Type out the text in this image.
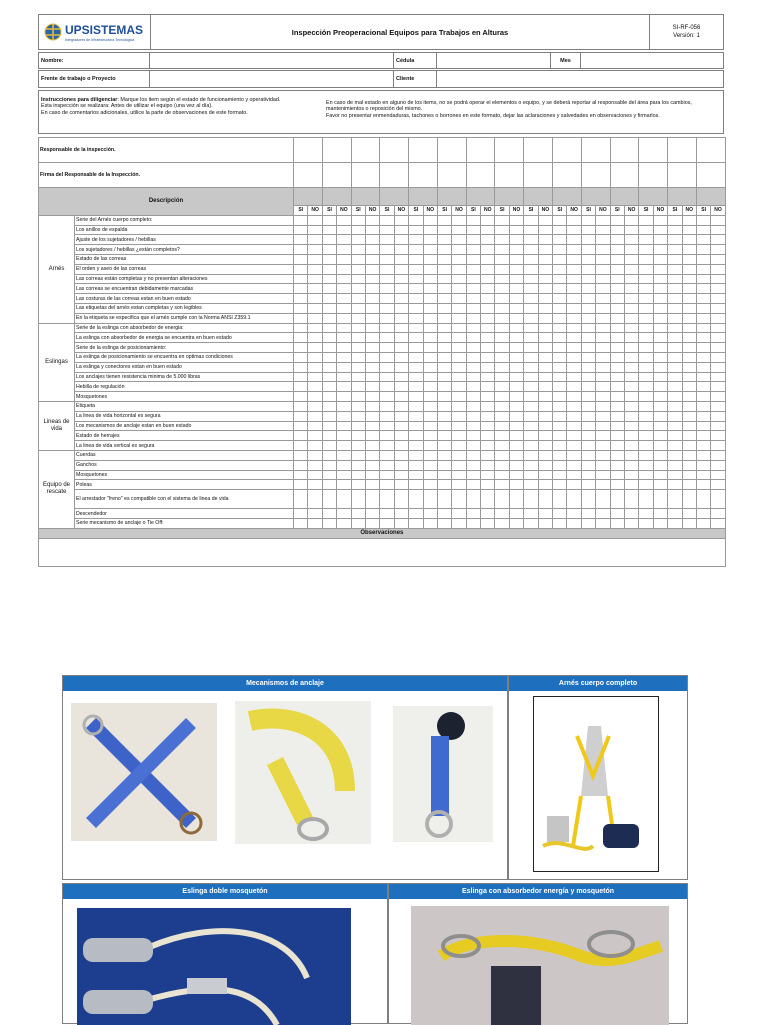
UPSISTEMAS
Integradores de Infraestructura Tecnológica
Inspección Preoperacional Equipos para Trabajos en Alturas	SI-RF-056
Versión: 1
Nombre:	Cédula	Mes
Frente de trabajo o Proyecto	Cliente
Instrucciones para diligenciar: Marque los item según el estado de funcionamiento y operatividad.
Esta inspección se realizara: Antes de utilizar el equipo (una vez al día).
En caso de comentarios adicionales, utilice la parte de observaciones de este formato.
En caso de mal estado en alguno de los items, no se podrá operar el elementos o equipo, y se deberá reportar al responsable del área para los cambios, mantenimientos o reposición del mismo.
Favor no presentar enmendaduras, tachones o borrones en este formato, dejar las aclaraciones y salvedades en observaciones y firmarlos.
Responsable de la inspección.																															
Firma del Responsable de la Inspección.																															
Descripción																															
		SI	NO	SI	NO	SI	NO	SI	NO	SI	NO	SI	NO	SI	NO	SI	NO	SI	NO	SI	NO	SI	NO	SI	NO	SI	NO	SI	NO	SI	NO
Arnés	Serie del Arnés cuerpo completo:																														
	Los anillos de espalda																														
	Ajuste de los sujetadores / hebillas																														
	Los sujetadores / hebillas ¿están completos?																														
	Estado de las correas																														
	El orden y aseo de las correas																														
	Las correas están completas y no presentan alteraciones																														
	Las correas se encuentran debidamente marcadas																														
	Las costuras de las correas estan en buen estado																														
	Las etiquetas del arnés estan completas y son legibles																														
	En la etiqueta se especifica que el arnés cumple con la Norma ANSI Z359.1																														
Eslingas	Serie de la eslinga con absorbedor de energia:																														
	La eslinga con absorbedor de energia se encuentra en buen estado																														
	Serie de la eslinga de posicionamiento:																														
	La eslinga de posicionamiento se encuentra en optimas condiciones																														
	La eslinga y conectores estan en buen estado																														
	Los anclajes tienen resistencia minima de 5.000 libras																														
	Hebilla de regulación																														
	Mosquetones																														
Lineas de vida	Etiqueta																														
	La linea de vida horizontal es segura																														
	Los mecanismos de anclaje estan en buen estado																														
	Estado de herrajes																														
	La linea de vida vertical es segura																														
Equipo de rescate	Cuerdas																														
	Ganchos																														
	Mosquetones																														
	Poleas																														
	El arrestador "freno" es compatible con el sistema de linea de vida																														
	Descendedor																														
	Serie mecanismo de anclaje o Tie Off:																														
Observaciones																															

Mecanismos de anclaje	Arnés cuerpo completo
Eslinga doble mosquetón	Eslinga con absorbedor energía y mosquetón
